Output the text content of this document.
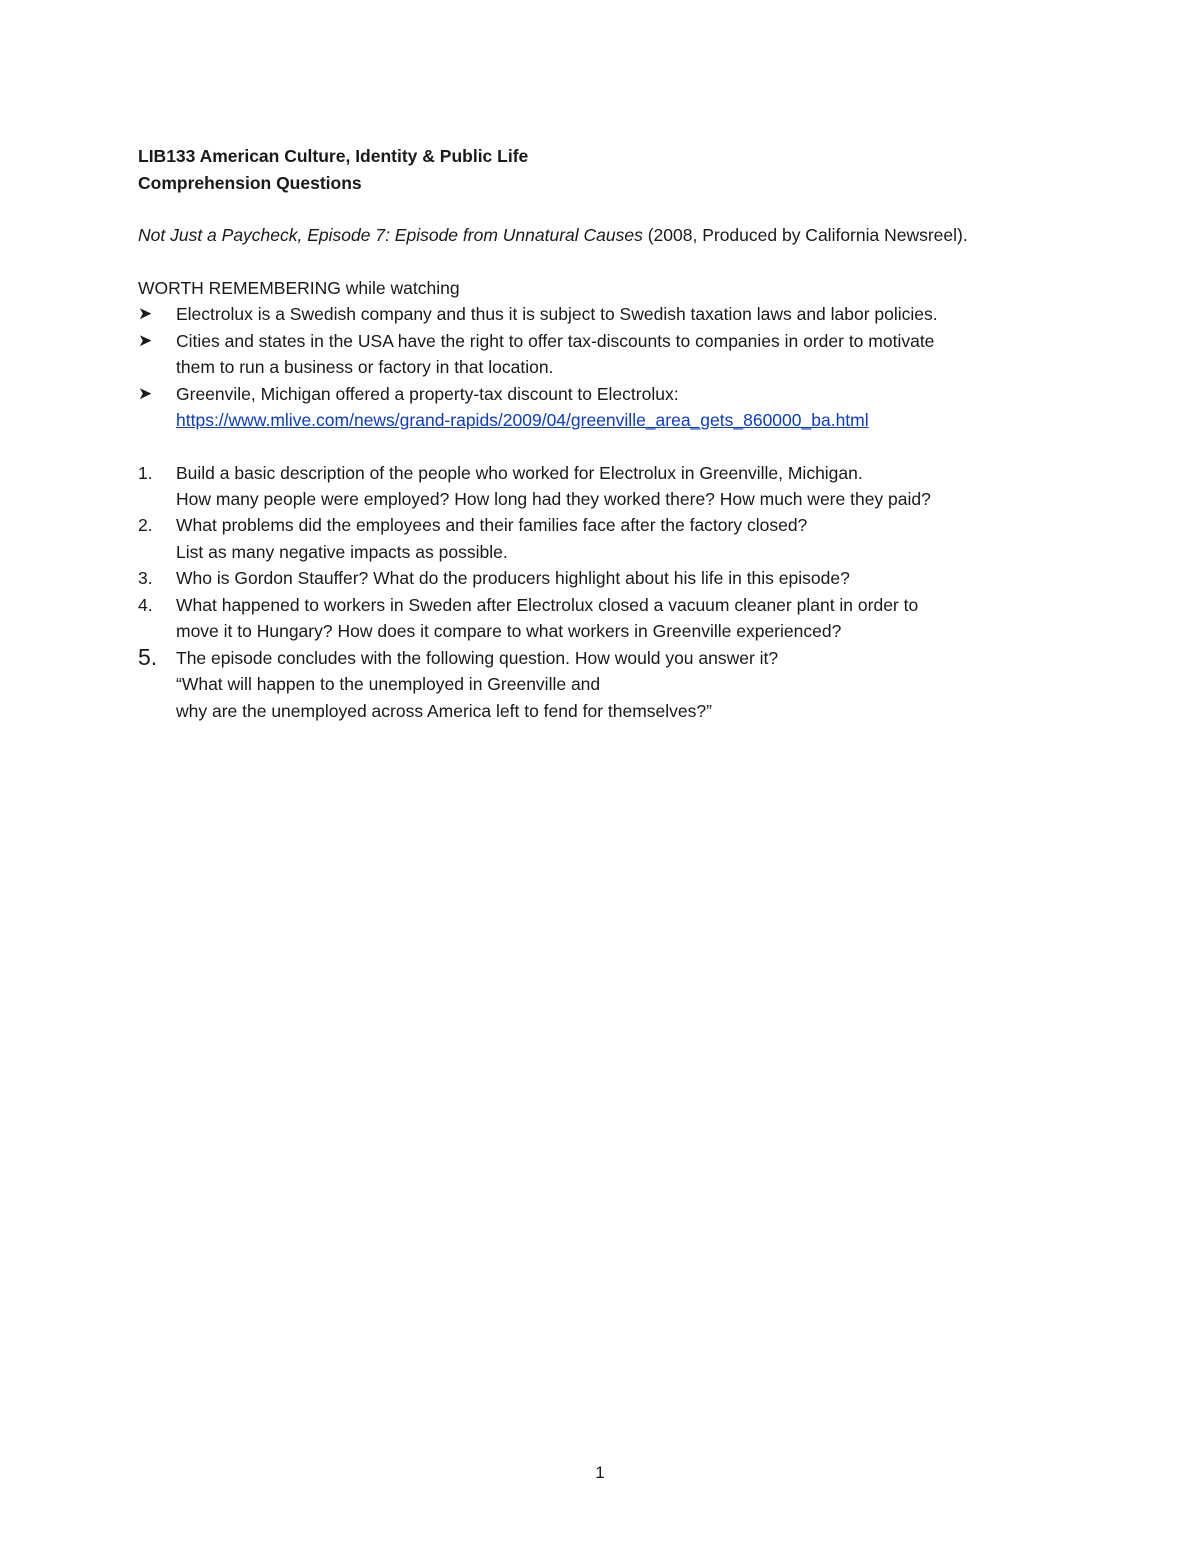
LIB133 American Culture, Identity & Public Life
Comprehension Questions
Not Just a Paycheck, Episode 7: Episode from Unnatural Causes (2008, Produced by California Newsreel).
WORTH REMEMBERING while watching
➤ Electrolux is a Swedish company and thus it is subject to Swedish taxation laws and labor policies.
➤ Cities and states in the USA have the right to offer tax-discounts to companies in order to motivate
them to run a business or factory in that location.
➤ Greenvile, Michigan offered a property-tax discount to Electrolux:
https://www.mlive.com/news/grand-rapids/2009/04/greenville_area_gets_860000_ba.html
1. Build a basic description of the people who worked for Electrolux in Greenville, Michigan.
How many people were employed? How long had they worked there? How much were they paid?
2. What problems did the employees and their families face after the factory closed?
List as many negative impacts as possible.
3. Who is Gordon Stauffer? What do the producers highlight about his life in this episode?
4. What happened to workers in Sweden after Electrolux closed a vacuum cleaner plant in order to
move it to Hungary? How does it compare to what workers in Greenville experienced?
5. The episode concludes with the following question. How would you answer it?
“What will happen to the unemployed in Greenville and
why are the unemployed across America left to fend for themselves?”
1
